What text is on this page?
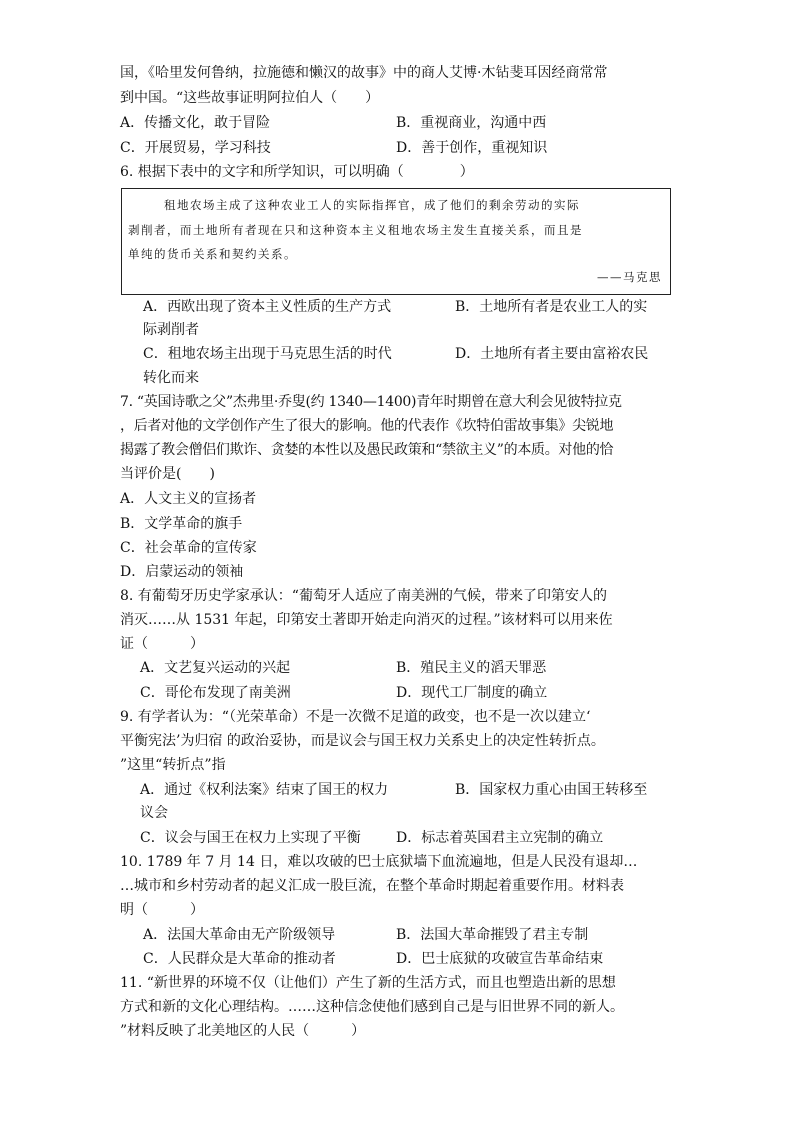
国，《哈里发何鲁纳，拉施德和懒汉的故事》中的商人艾博·木钻斐耳因经商常常
到中国。“这些故事证明阿拉伯人（　　）
A．传播文化，敢于冒险	B．重视商业，沟通中西
C．开展贸易，学习科技	D．善于创作，重视知识
6. 根据下表中的文字和所学知识，可以明确（　　　　）
租地农场主成了这种农业工人的实际指挥官，成了他们的剩余劳动的实际
剥削者，而土地所有者现在只和这种资本主义租地农场主发生直接关系，而且是
单纯的货币关系和契约关系。
——马克思
A．西欧出现了资本主义性质的生产方式	B．土地所有者是农业工人的实
际剥削者
C．租地农场主出现于马克思生活的时代	D．土地所有者主要由富裕农民
转化而来
7. “英国诗歌之父”杰弗里·乔叟(约 1340—1400)青年时期曾在意大利会见彼特拉克
，后者对他的文学创作产生了很大的影响。他的代表作《坎特伯雷故事集》尖锐地
揭露了教会僧侣们欺诈、贪婪的本性以及愚民政策和“禁欲主义”的本质。对他的恰
当评价是(　　)
A．人文主义的宣扬者
B．文学革命的旗手
C．社会革命的宣传家
D．启蒙运动的领袖
8. 有葡萄牙历史学家承认：“葡萄牙人适应了南美洲的气候，带来了印第安人的
消灭……从 1531 年起，印第安土著即开始走向消灭的过程。”该材料可以用来佐
证（　　　）
A．文艺复兴运动的兴起	B．殖民主义的滔天罪恶
C．哥伦布发现了南美洲	D．现代工厂制度的确立
9. 有学者认为：“（光荣革命）不是一次微不足道的政变，也不是一次以建立‘
平衡宪法’为归宿 的政治妥协，而是议会与国王权力关系史上的决定性转折点。
”这里“转折点”指
A．通过《权利法案》结束了国王的权力	B．国家权力重心由国王转移至
议会
C．议会与国王在权力上实现了平衡	D．标志着英国君主立宪制的确立
10. 1789 年 7 月 14 日，难以攻破的巴士底狱墙下血流遍地，但是人民没有退却…
…城市和乡村劳动者的起义汇成一股巨流，在整个革命时期起着重要作用。材料表
明（　　　）
A．法国大革命由无产阶级领导	B．法国大革命摧毁了君主专制
C．人民群众是大革命的推动者	D．巴士底狱的攻破宣告革命结束
11. “新世界的环境不仅（让他们）产生了新的生活方式，而且也塑造出新的思想
方式和新的文化心理结构。……这种信念使他们感到自己是与旧世界不同的新人。
”材料反映了北美地区的人民（　　　）
